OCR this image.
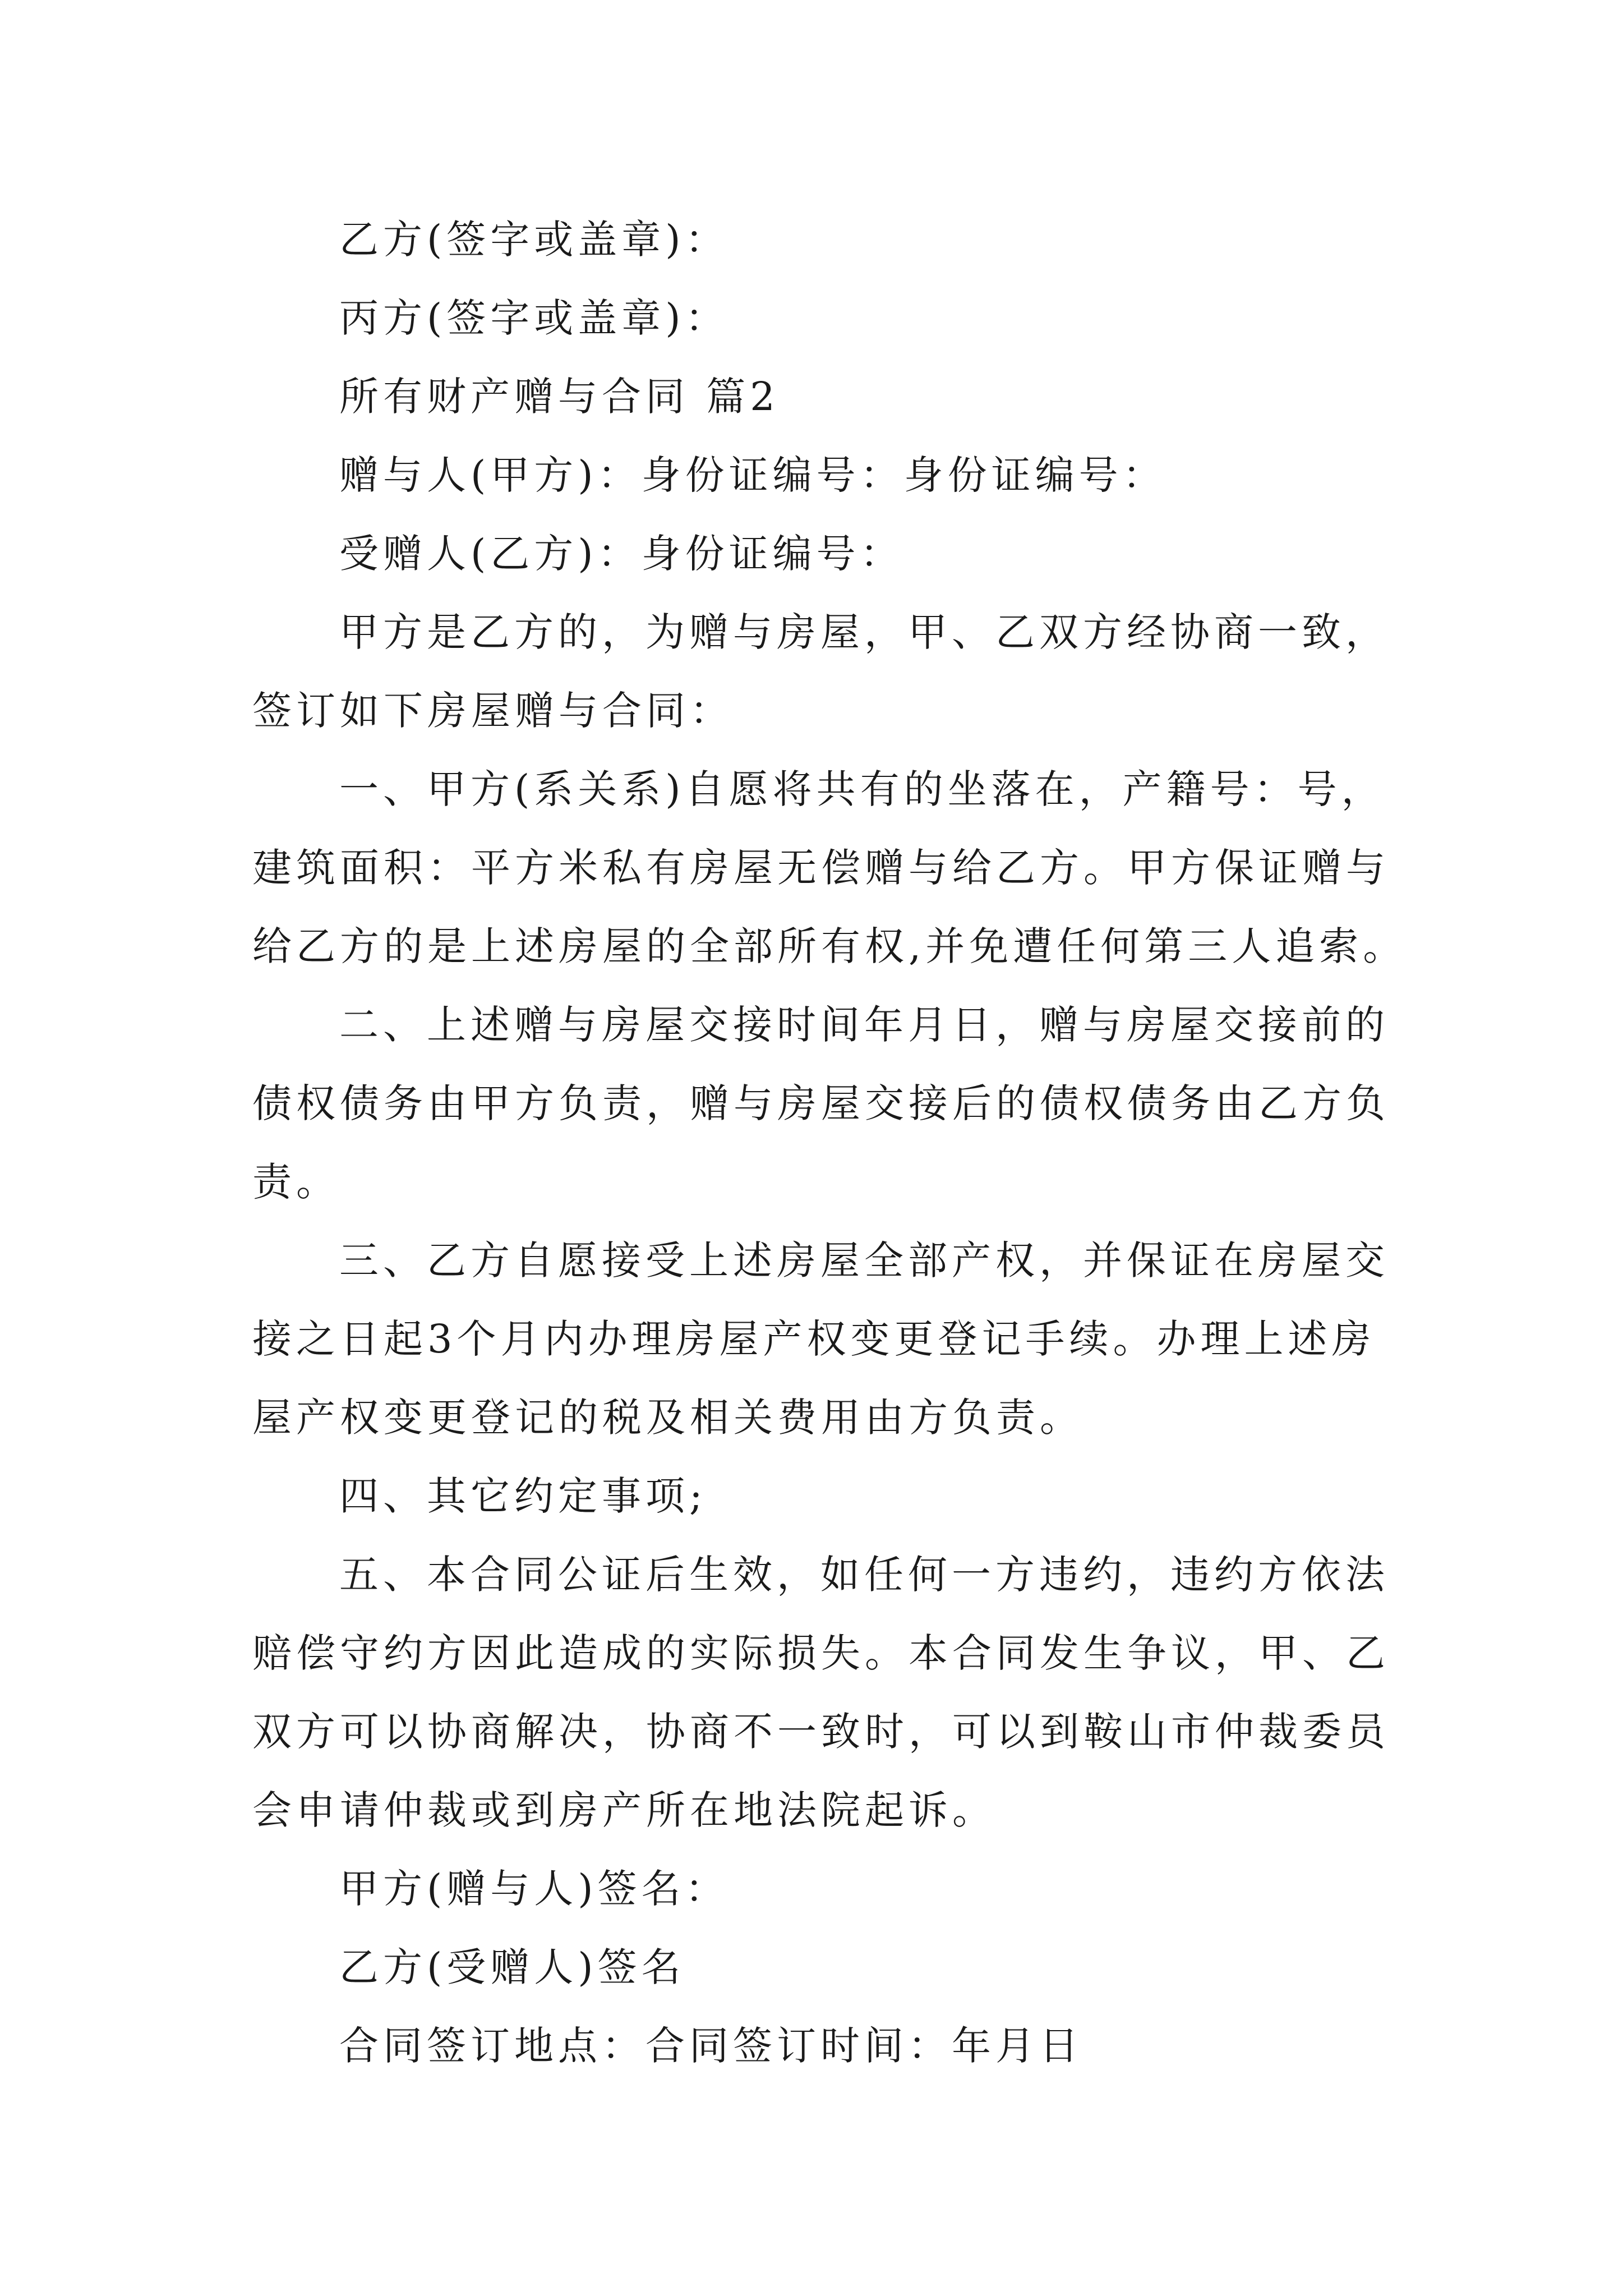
乙方(签字或盖章)：

丙方(签字或盖章)：

所有财产赠与合同 篇2

赠与人(甲方)：身份证编号：身份证编号：

受赠人(乙方)：身份证编号：

甲方是乙方的，为赠与房屋，甲、乙双方经协商一致，

签订如下房屋赠与合同：

一、甲方(系关系)自愿将共有的坐落在，产籍号：号，

建筑面积：平方米私有房屋无偿赠与给乙方。甲方保证赠与

给乙方的是上述房屋的全部所有权,并免遭任何第三人追索。

二、上述赠与房屋交接时间年月日，赠与房屋交接前的

债权债务由甲方负责，赠与房屋交接后的债权债务由乙方负

责。

三、乙方自愿接受上述房屋全部产权，并保证在房屋交

接之日起3个月内办理房屋产权变更登记手续。办理上述房

屋产权变更登记的税及相关费用由方负责。

四、其它约定事项;

五、本合同公证后生效，如任何一方违约，违约方依法

赔偿守约方因此造成的实际损失。本合同发生争议，甲、乙

双方可以协商解决，协商不一致时，可以到鞍山市仲裁委员

会申请仲裁或到房产所在地法院起诉。

甲方(赠与人)签名：

乙方(受赠人)签名

合同签订地点：合同签订时间：年月日
